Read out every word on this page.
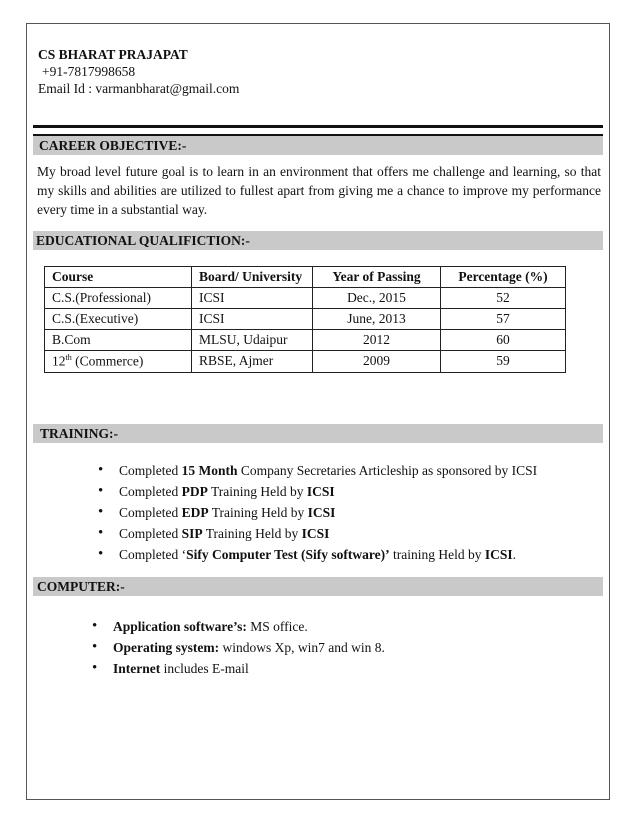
CS BHARAT PRAJAPAT
+91-7817998658
Email Id : varmanbharat@gmail.com
CAREER OBJECTIVE:-
My broad level future goal is to learn in an environment that offers me challenge and learning, so that my skills and abilities are utilized to fullest apart from giving me a chance to improve my performance every time in a substantial way.
EDUCATIONAL QUALIFICTION:-
Course	Board/ University	Year of Passing	Percentage (%)
C.S.(Professional)	ICSI	Dec., 2015	52
C.S.(Executive)	ICSI	June, 2013	57
B.Com	MLSU, Udaipur	2012	60
12th (Commerce)	RBSE, Ajmer	2009	59
TRAINING:-
• Completed 15 Month Company Secretaries Articleship as sponsored by ICSI
• Completed PDP Training Held by ICSI
• Completed EDP Training Held by ICSI
• Completed SIP Training Held by ICSI
• Completed ‘Sify Computer Test (Sify software)’ training Held by ICSI.
COMPUTER:-
• Application software’s: MS office.
• Operating system: windows Xp, win7 and win 8.
• Internet includes E-mail
